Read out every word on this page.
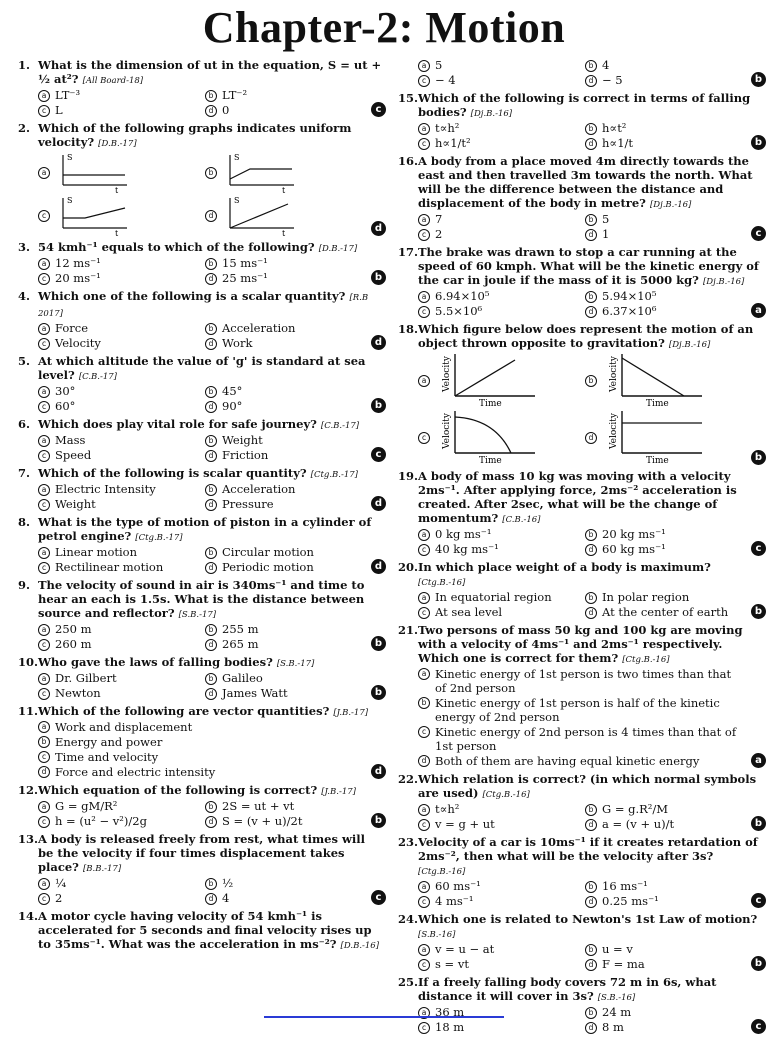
Chapter-2: Motion
1. What is the dimension of ut in the equation, S = ut + ½ at²? [All Board-18]
a LT⁻³	b LT⁻²
c L	d 0	c
2. Which of the following graphs indicates uniform velocity? [D.B.-17]
a
S
t
b
S
t
c
S
t
d
S
t	d
3. 54 kmh⁻¹ equals to which of the following? [D.B.-17]
a 12 ms⁻¹	b 15 ms⁻¹
c 20 ms⁻¹	d 25 ms⁻¹	b
4. Which one of the following is a scalar quantity? [R.B 2017]
a Force	b Acceleration
c Velocity	d Work	d
5. At which altitude the value of 'g' is standard at sea level? [C.B.-17]
a 30°	b 45°
c 60°	d 90°	b
6. Which does play vital role for safe journey? [C.B.-17]
a Mass	b Weight
c Speed	d Friction	c
7. Which of the following is scalar quantity? [Ctg.B.-17]
a Electric Intensity	b Acceleration
c Weight	d Pressure	d
8. What is the type of motion of piston in a cylinder of petrol engine? [Ctg.B.-17]
a Linear motion	b Circular motion
c Rectilinear motion	d Periodic motion	d
9. The velocity of sound in air is 340ms⁻¹ and time to hear an each is 1.5s. What is the distance between source and reflector? [S.B.-17]
a 250 m	b 255 m
c 260 m	d 265 m	b
10. Who gave the laws of falling bodies? [S.B.-17]
a Dr. Gilbert	b Galileo
c Newton	d James Watt	b
11. Which of the following are vector quantities? [J.B.-17]
a Work and displacement
b Energy and power
c Time and velocity
d Force and electric intensity	d
12. Which equation of the following is correct? [J.B.-17]
a G = gM/R²	b 2S = ut + vt
c h = (u² − v²)/2g	d S = (v + u)/2t	b
13. A body is released freely from rest, what times will be the velocity if four times displacement takes place? [B.B.-17]
a ¼	b ½
c 2	d 4	c
14. A motor cycle having velocity of 54 kmh⁻¹ is accelerated for 5 seconds and final velocity rises up to 35ms⁻¹. What was the acceleration in ms⁻²? [D.B.-16]
a 5	b 4
c − 4	d − 5	b
15. Which of the following is correct in terms of falling bodies? [Dj.B.-16]
a t∝h²	b h∝t²
c h∝1/t²	d h∝1/t	b
16. A body from a place moved 4m directly towards the east and then travelled 3m towards the north. What will be the difference between the distance and displacement of the body in metre? [Dj.B.-16]
a 7	b 5
c 2	d 1	c
17. The brake was drawn to stop a car running at the speed of 60 kmph. What will be the kinetic energy of the car in joule if the mass of it is 5000 kg? [Dj.B.-16]
a 6.94×10⁵	b 5.94×10⁵
c 5.5×10⁶	d 6.37×10⁶	a
18. Which figure below does represent the motion of an object thrown opposite to gravitation? [Dj.B.-16]
a	Velocity
Time
b	Velocity
Time
c	Velocity
Time
d	Velocity
Time	b
19. A body of mass 10 kg was moving with a velocity 2ms⁻¹. After applying force, 2ms⁻² acceleration is created. After 2sec, what will be the change of momentum? [C.B.-16]
a 0 kg ms⁻¹	b 20 kg ms⁻¹
c 40 kg ms⁻¹	d 60 kg ms⁻¹	c
20. In which place weight of a body is maximum? [Ctg.B.-16]
a In equatorial region	b In polar region
c At sea level	d At the center of earth	b
21. Two persons of mass 50 kg and 100 kg are moving with a velocity of 4ms⁻¹ and 2ms⁻¹ respectively. Which one is correct for them? [Ctg.B.-16]
a Kinetic energy of 1st person is two times than that of 2nd person
b Kinetic energy of 1st person is half of the kinetic energy of 2nd person
c Kinetic energy of 2nd person is 4 times than that of 1st person
d Both of them are having equal kinetic energy	a
22. Which relation is correct? (in which normal symbols are used) [Ctg.B.-16]
a t∝h²	b G = g.R²/M
c v = g + ut	d a = (v + u)/t	b
23. Velocity of a car is 10ms⁻¹ if it creates retardation of 2ms⁻², then what will be the velocity after 3s? [Ctg.B.-16]
a 60 ms⁻¹	b 16 ms⁻¹
c 4 ms⁻¹	d 0.25 ms⁻¹	c
24. Which one is related to Newton's 1st Law of motion? [S.B.-16]
a v = u − at	b u = v
c s = vt	d F = ma	b
25. If a freely falling body covers 72 m in 6s, what distance it will cover in 3s? [S.B.-16]
a 36 m	b 24 m
c 18 m	d 8 m	c
